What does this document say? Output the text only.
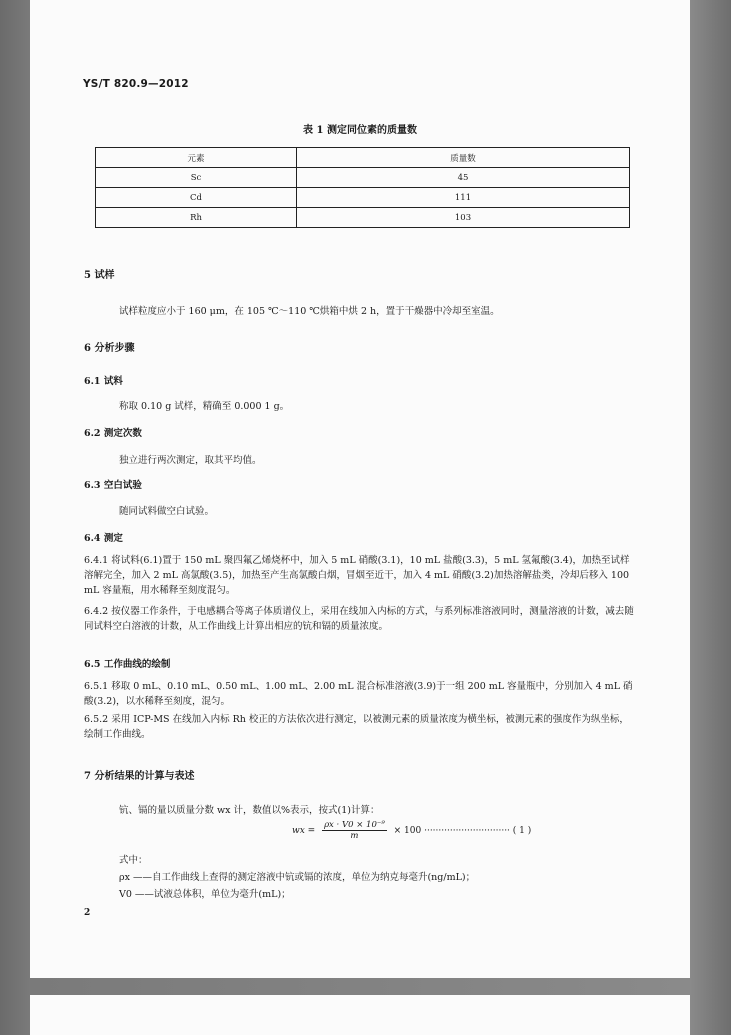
YS/T 820.9—2012
表 1 测定同位素的质量数
元素	质量数
Sc	45
Cd	111
Rh	103
5 试样
试样粒度应小于 160 μm，在 105 ℃～110 ℃烘箱中烘 2 h，置于干燥器中冷却至室温。
6 分析步骤
6.1 试料
称取 0.10 g 试样，精确至 0.000 1 g。
6.2 测定次数
独立进行两次测定，取其平均值。
6.3 空白试验
随同试料做空白试验。
6.4 测定
6.4.1 将试料(6.1)置于 150 mL 聚四氟乙烯烧杯中，加入 5 mL 硝酸(3.1)，10 mL 盐酸(3.3)，5 mL 氢氟酸(3.4)，加热至试样溶解完全，加入 2 mL 高氯酸(3.5)，加热至产生高氯酸白烟，冒烟至近干，加入 4 mL 硝酸(3.2)加热溶解盐类，冷却后移入 100 mL 容量瓶，用水稀释至刻度混匀。
6.4.2 按仪器工作条件，于电感耦合等离子体质谱仪上，采用在线加入内标的方式，与系列标准溶液同时，测量溶液的计数，减去随同试料空白溶液的计数，从工作曲线上计算出相应的钪和镉的质量浓度。
6.5 工作曲线的绘制
6.5.1 移取 0 mL、0.10 mL、0.50 mL、1.00 mL、2.00 mL 混合标准溶液(3.9)于一组 200 mL 容量瓶中，分别加入 4 mL 硝酸(3.2)，以水稀释至刻度，混匀。
6.5.2 采用 ICP-MS 在线加入内标 Rh 校正的方法依次进行测定，以被测元素的质量浓度为横坐标，被测元素的强度作为纵坐标，绘制工作曲线。
7 分析结果的计算与表述
钪、镉的量以质量分数 wx 计，数值以%表示，按式(1)计算：
wx = $\frac{\text{ρx · V0 × 10⁻⁹}}{m} \times 100$ ······························ ( 1 )
式中：
ρx ——自工作曲线上查得的测定溶液中钪或镉的浓度，单位为纳克每毫升(ng/mL)；
V0 ——试液总体积，单位为毫升(mL)；
2
